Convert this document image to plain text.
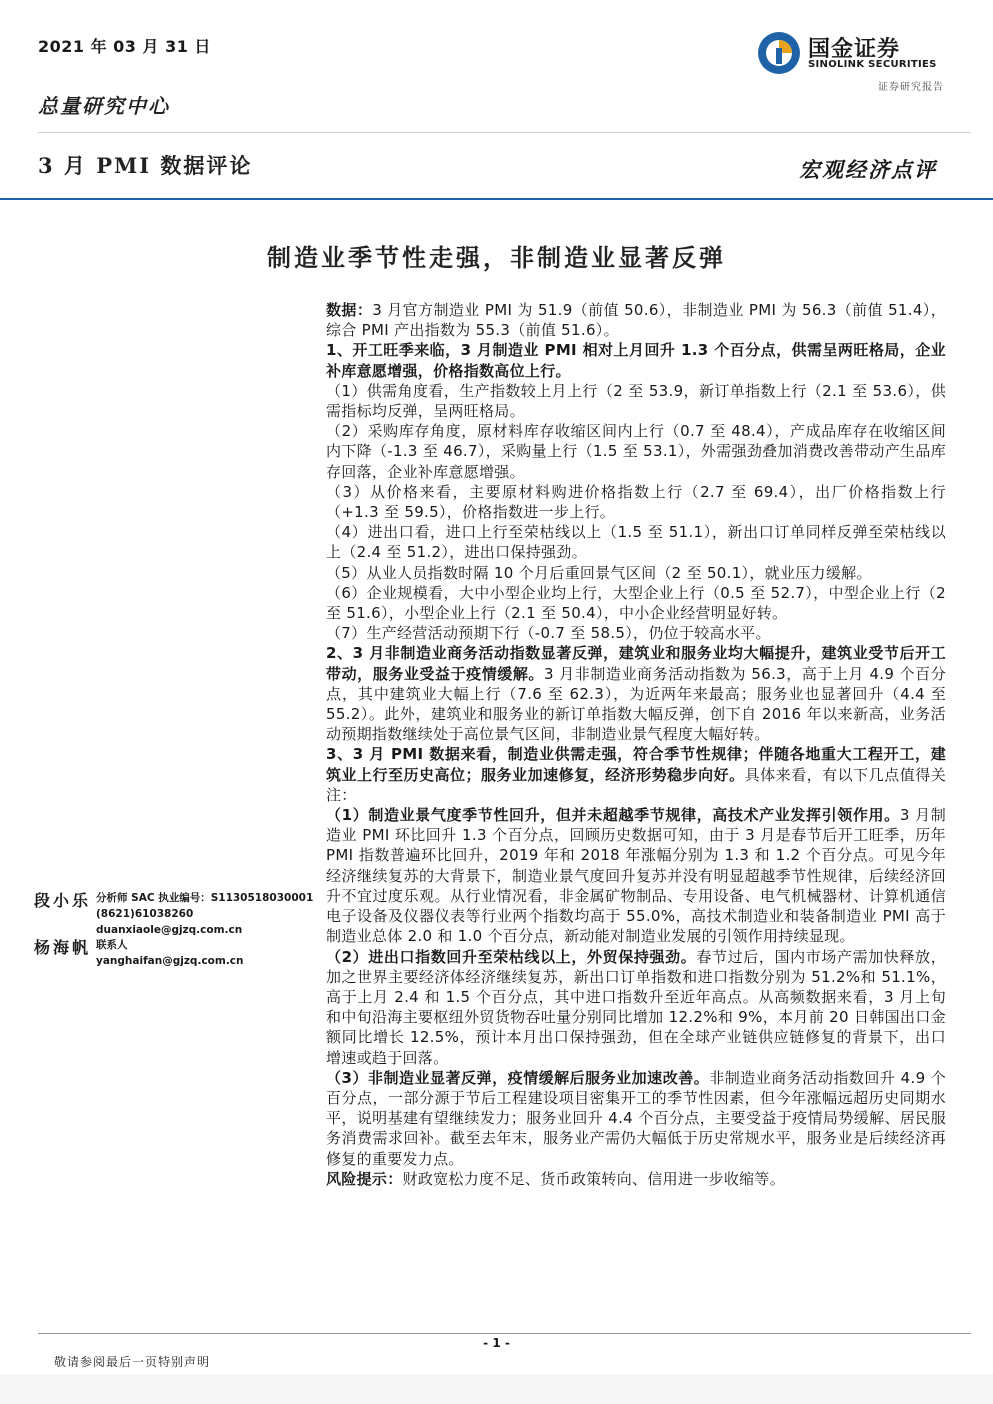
2021 年 03 月 31 日
总量研究中心
3 月 PMI 数据评论	宏观经济点评
国金证券
SINOLINK SECURITIES
证券研究报告
制造业季节性走强，非制造业显著反弹
段小乐 分析师 SAC 执业编号：S1130518030001
(8621)61038260
duanxiaole@gjzq.com.cn
杨海帆 联系人
yanghaifan@gjzq.com.cn

数据：3 月官方制造业 PMI 为 51.9（前值 50.6），非制造业 PMI 为 56.3（前值 51.4），综合 PMI 产出指数为 55.3（前值 51.6）。

1、开工旺季来临，3 月制造业 PMI 相对上月回升 1.3 个百分点，供需呈两旺格局，企业补库意愿增强，价格指数高位上行。

（1）供需角度看，生产指数较上月上行（2 至 53.9，新订单指数上行（2.1 至 53.6），供需指标均反弹，呈两旺格局。

（2）采购库存角度，原材料库存收缩区间内上行（0.7 至 48.4），产成品库存在收缩区间内下降（-1.3 至 46.7），采购量上行（1.5 至 53.1），外需强劲叠加消费改善带动产生品库存回落，企业补库意愿增强。

（3）从价格来看，主要原材料购进价格指数上行（2.7 至 69.4），出厂价格指数上行（+1.3 至 59.5），价格指数进一步上行。

（4）进出口看，进口上行至荣枯线以上（1.5 至 51.1），新出口订单同样反弹至荣枯线以上（2.4 至 51.2），进出口保持强劲。

（5）从业人员指数时隔 10 个月后重回景气区间（2 至 50.1），就业压力缓解。

（6）企业规模看，大中小型企业均上行，大型企业上行（0.5 至 52.7），中型企业上行（2 至 51.6），小型企业上行（2.1 至 50.4），中小企业经营明显好转。

（7）生产经营活动预期下行（-0.7 至 58.5），仍位于较高水平。

2、3 月非制造业商务活动指数显著反弹，建筑业和服务业均大幅提升，建筑业受节后开工带动，服务业受益于疫情缓解。3 月非制造业商务活动指数为 56.3，高于上月 4.9 个百分点，其中建筑业大幅上行（7.6 至 62.3），为近两年来最高；服务业也显著回升（4.4 至 55.2）。此外，建筑业和服务业的新订单指数大幅反弹，创下自 2016 年以来新高，业务活动预期指数继续处于高位景气区间，非制造业景气程度大幅好转。

3、3 月 PMI 数据来看，制造业供需走强，符合季节性规律；伴随各地重大工程开工，建筑业上行至历史高位；服务业加速修复，经济形势稳步向好。具体来看，有以下几点值得关注：

（1）制造业景气度季节性回升，但并未超越季节规律，高技术产业发挥引领作用。3 月制造业 PMI 环比回升 1.3 个百分点，回顾历史数据可知，由于 3 月是春节后开工旺季，历年 PMI 指数普遍环比回升，2019 年和 2018 年涨幅分别为 1.3 和 1.2 个百分点。可见今年经济继续复苏的大背景下，制造业景气度回升复苏并没有明显超越季节性规律，后续经济回升不宜过度乐观。从行业情况看，非金属矿物制品、专用设备、电气机械器材、计算机通信电子设备及仪器仪表等行业两个指数均高于 55.0%，高技术制造业和装备制造业 PMI 高于制造业总体 2.0 和 1.0 个百分点，新动能对制造业发展的引领作用持续显现。

（2）进出口指数回升至荣枯线以上，外贸保持强劲。春节过后，国内市场产需加快释放，加之世界主要经济体经济继续复苏，新出口订单指数和进口指数分别为 51.2%和 51.1%，高于上月 2.4 和 1.5 个百分点，其中进口指数升至近年高点。从高频数据来看，3 月上旬和中旬沿海主要枢纽外贸货物吞吐量分别同比增加 12.2%和 9%，本月前 20 日韩国出口金额同比增长 12.5%，预计本月出口保持强劲，但在全球产业链供应链修复的背景下，出口增速或趋于回落。

（3）非制造业显著反弹，疫情缓解后服务业加速改善。非制造业商务活动指数回升 4.9 个百分点，一部分源于节后工程建设项目密集开工的季节性因素，但今年涨幅远超历史同期水平，说明基建有望继续发力；服务业回升 4.4 个百分点，主要受益于疫情局势缓解、居民服务消费需求回补。截至去年末，服务业产需仍大幅低于历史常规水平，服务业是后续经济再修复的重要发力点。

风险提示：财政宽松力度不足、货币政策转向、信用进一步收缩等。

- 1 -
敬请参阅最后一页特别声明
